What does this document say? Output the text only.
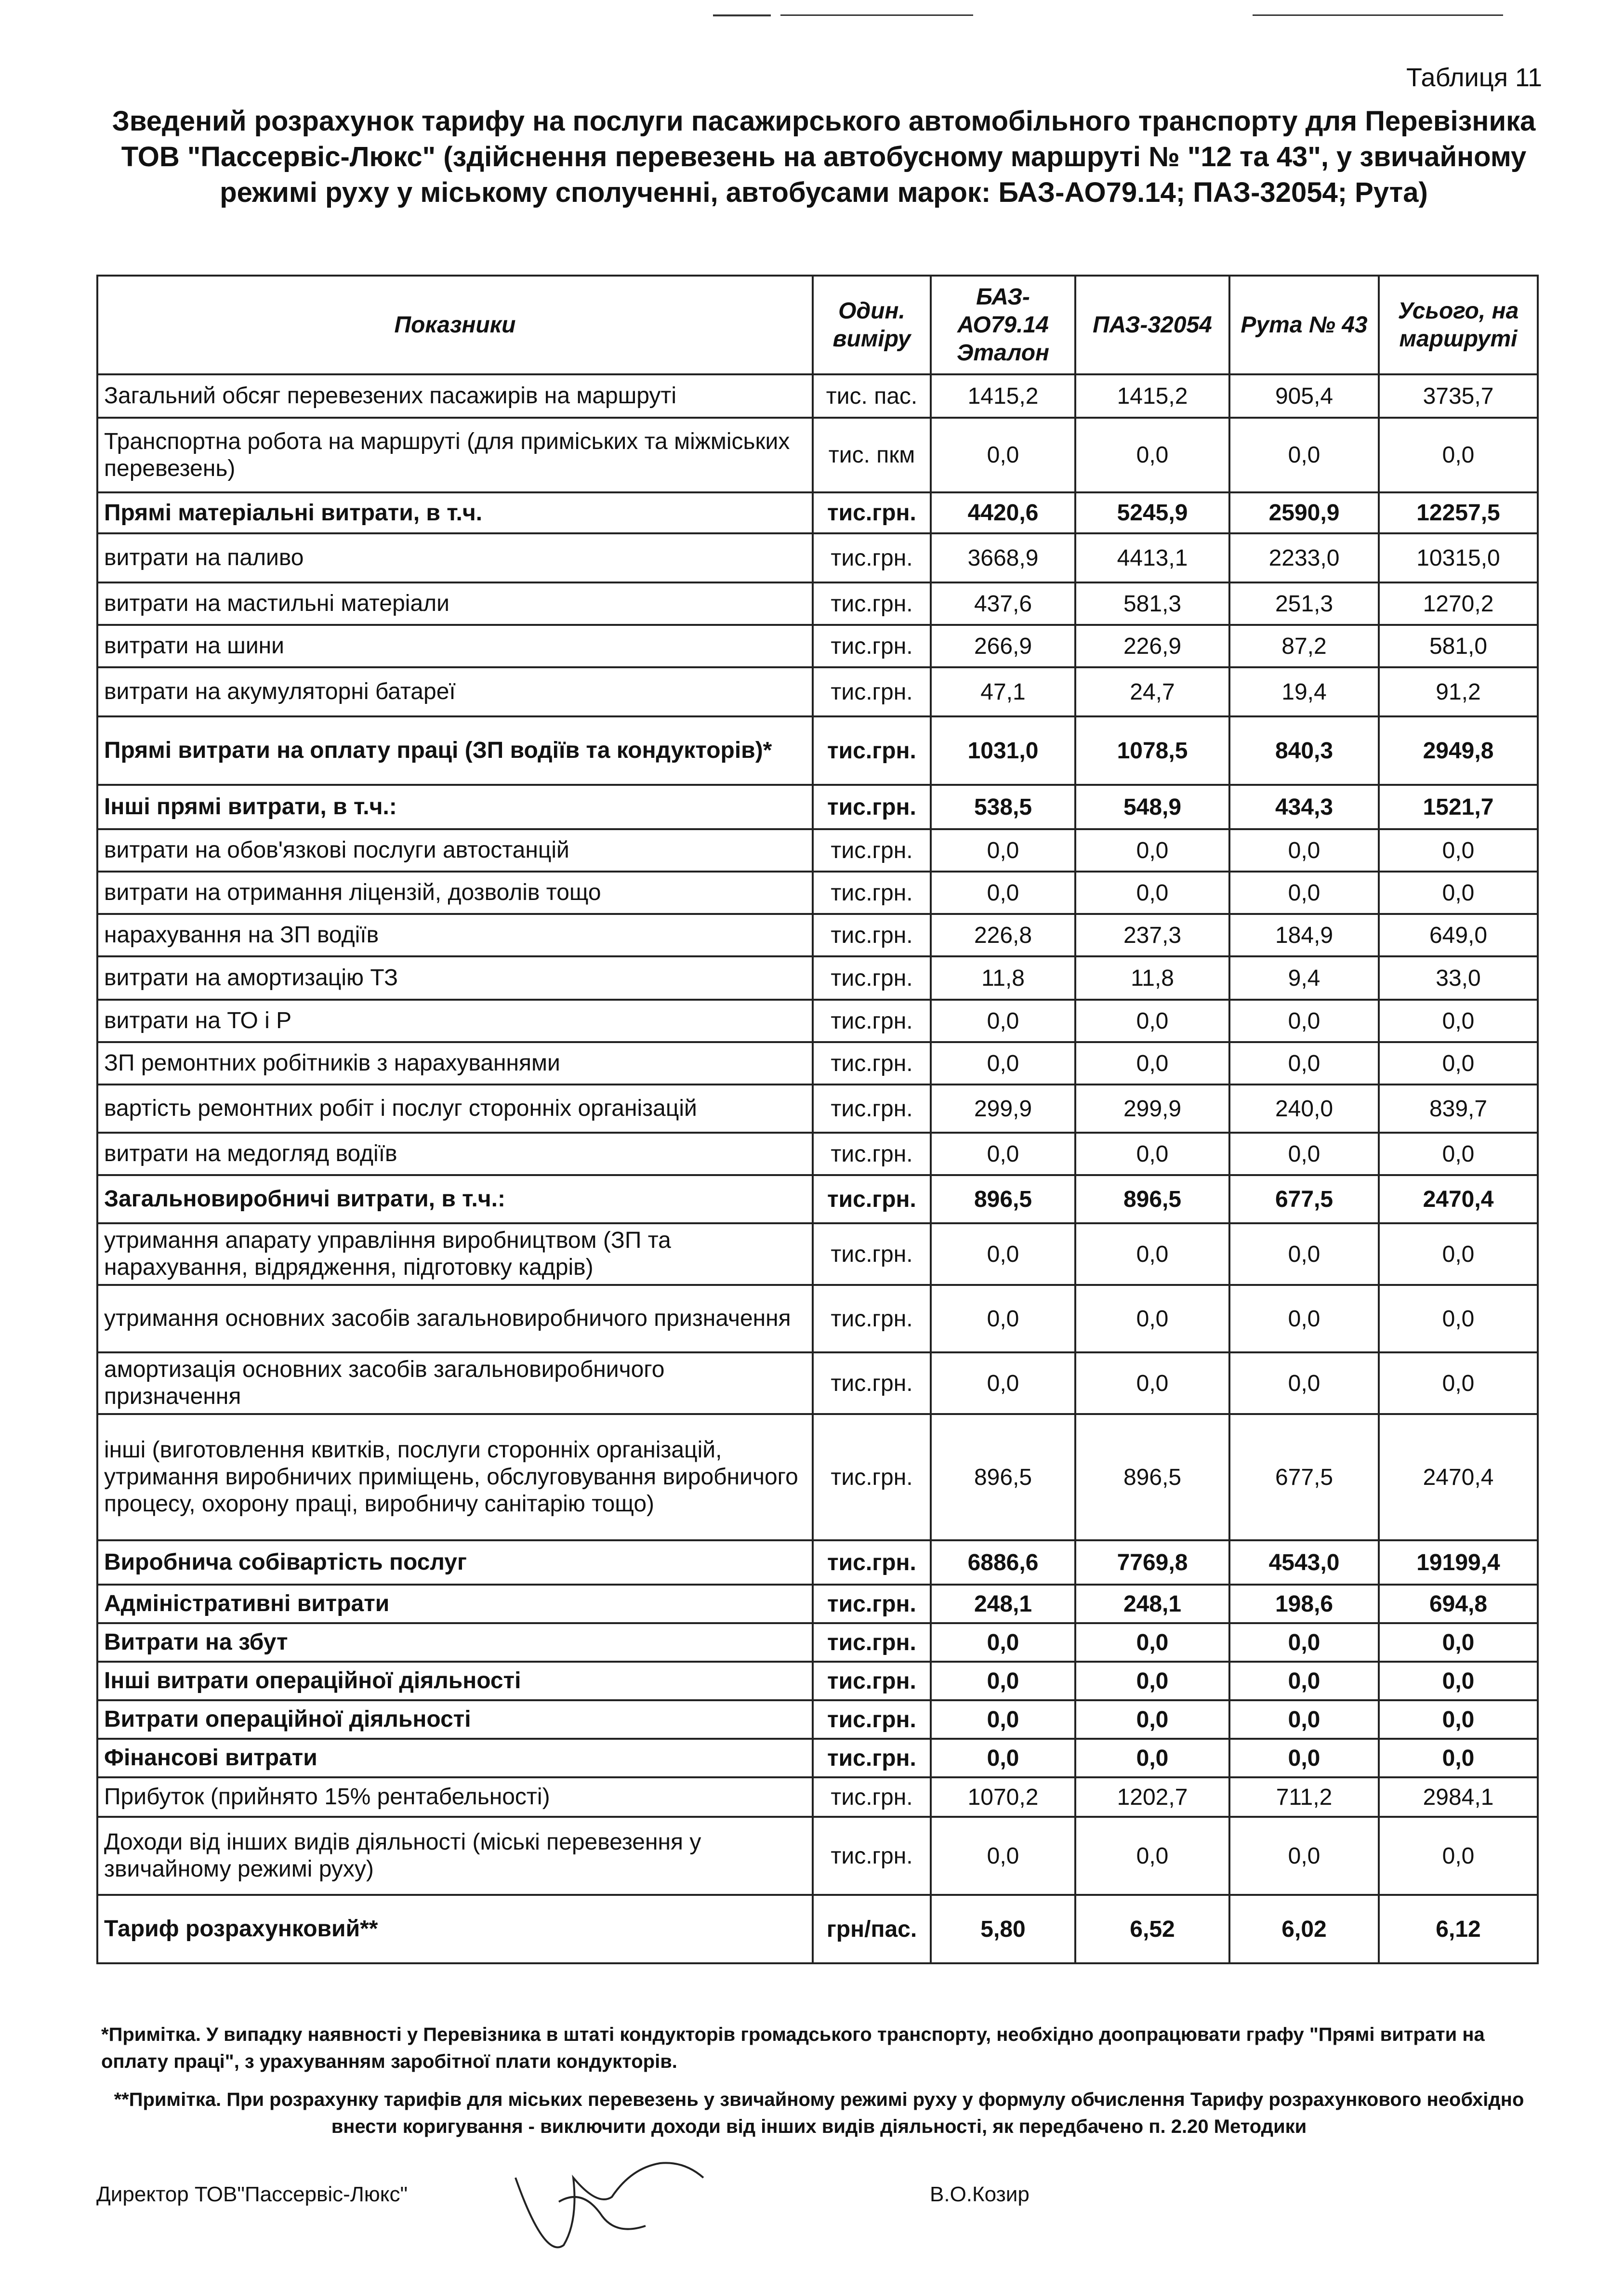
Таблиця 11
Зведений розрахунок тарифу на послуги пасажирського автомобільного транспорту для Перевізника ТОВ "Пассервіс-Люкс" (здійснення перевезень на автобусному маршруті № "12 та 43", у звичайному режимі руху у міському сполученні, автобусами марок: БАЗ-АО79.14; ПАЗ-32054; Рута)
Показники	Один. виміру	БАЗ-АО79.14 Эталон	ПАЗ-32054	Рута № 43	Усього, на маршруті
Загальний обсяг перевезених пасажирів на маршруті	тис. пас.	1415,2	1415,2	905,4	3735,7
Транспортна робота на маршруті (для приміських та міжміських перевезень)	тис. пкм	0,0	0,0	0,0	0,0
Прямі матеріальні витрати, в т.ч.	тис.грн.	4420,6	5245,9	2590,9	12257,5
витрати на паливо	тис.грн.	3668,9	4413,1	2233,0	10315,0
витрати на мастильні матеріали	тис.грн.	437,6	581,3	251,3	1270,2
витрати на шини	тис.грн.	266,9	226,9	87,2	581,0
витрати на акумуляторні батареї	тис.грн.	47,1	24,7	19,4	91,2
Прямі витрати на оплату праці (ЗП водіїв та кондукторів)*	тис.грн.	1031,0	1078,5	840,3	2949,8
Інші прямі витрати, в т.ч.:	тис.грн.	538,5	548,9	434,3	1521,7
витрати на обов'язкові послуги автостанцій	тис.грн.	0,0	0,0	0,0	0,0
витрати на отримання ліцензій, дозволів тощо	тис.грн.	0,0	0,0	0,0	0,0
нарахування на ЗП водіїв	тис.грн.	226,8	237,3	184,9	649,0
витрати на амортизацію ТЗ	тис.грн.	11,8	11,8	9,4	33,0
витрати на ТО і Р	тис.грн.	0,0	0,0	0,0	0,0
ЗП ремонтних робітників з нарахуваннями	тис.грн.	0,0	0,0	0,0	0,0
вартість ремонтних робіт і послуг сторонніх організацій	тис.грн.	299,9	299,9	240,0	839,7
витрати на медогляд водіїв	тис.грн.	0,0	0,0	0,0	0,0
Загальновиробничі витрати, в т.ч.:	тис.грн.	896,5	896,5	677,5	2470,4
утримання апарату управління виробництвом (ЗП та нарахування, відрядження, підготовку кадрів)	тис.грн.	0,0	0,0	0,0	0,0
утримання основних засобів загальновиробничого призначення	тис.грн.	0,0	0,0	0,0	0,0
амортизація основних засобів загальновиробничого призначення	тис.грн.	0,0	0,0	0,0	0,0
інші (виготовлення квитків, послуги сторонніх організацій, утримання виробничих приміщень, обслуговування виробничого процесу, охорону праці, виробничу санітарію тощо)	тис.грн.	896,5	896,5	677,5	2470,4
Виробнича собівартість послуг	тис.грн.	6886,6	7769,8	4543,0	19199,4
Адміністративні витрати	тис.грн.	248,1	248,1	198,6	694,8
Витрати на збут	тис.грн.	0,0	0,0	0,0	0,0
Інші витрати операційної діяльності	тис.грн.	0,0	0,0	0,0	0,0
Витрати операційної діяльності	тис.грн.	0,0	0,0	0,0	0,0
Фінансові витрати	тис.грн.	0,0	0,0	0,0	0,0
Прибуток (прийнято 15% рентабельності)	тис.грн.	1070,2	1202,7	711,2	2984,1
Доходи від інших видів діяльності (міські перевезення у звичайному режимі руху)	тис.грн.	0,0	0,0	0,0	0,0
Тариф розрахунковий**	грн/пас.	5,80	6,52	6,02	6,12
*Примітка. У випадку наявності у Перевізника в штаті кондукторів громадського транспорту, необхідно доопрацювати графу "Прямі витрати на оплату праці", з урахуванням заробітної плати кондукторів.
**Примітка. При розрахунку тарифів для міських перевезень у звичайному режимі руху у формулу обчислення Тарифу розрахункового необхідно внести коригування - виключити доходи від інших видів діяльності, як передбачено п. 2.20 Методики
Директор ТОВ"Пассервіс-Люкс"	В.О.Козир
